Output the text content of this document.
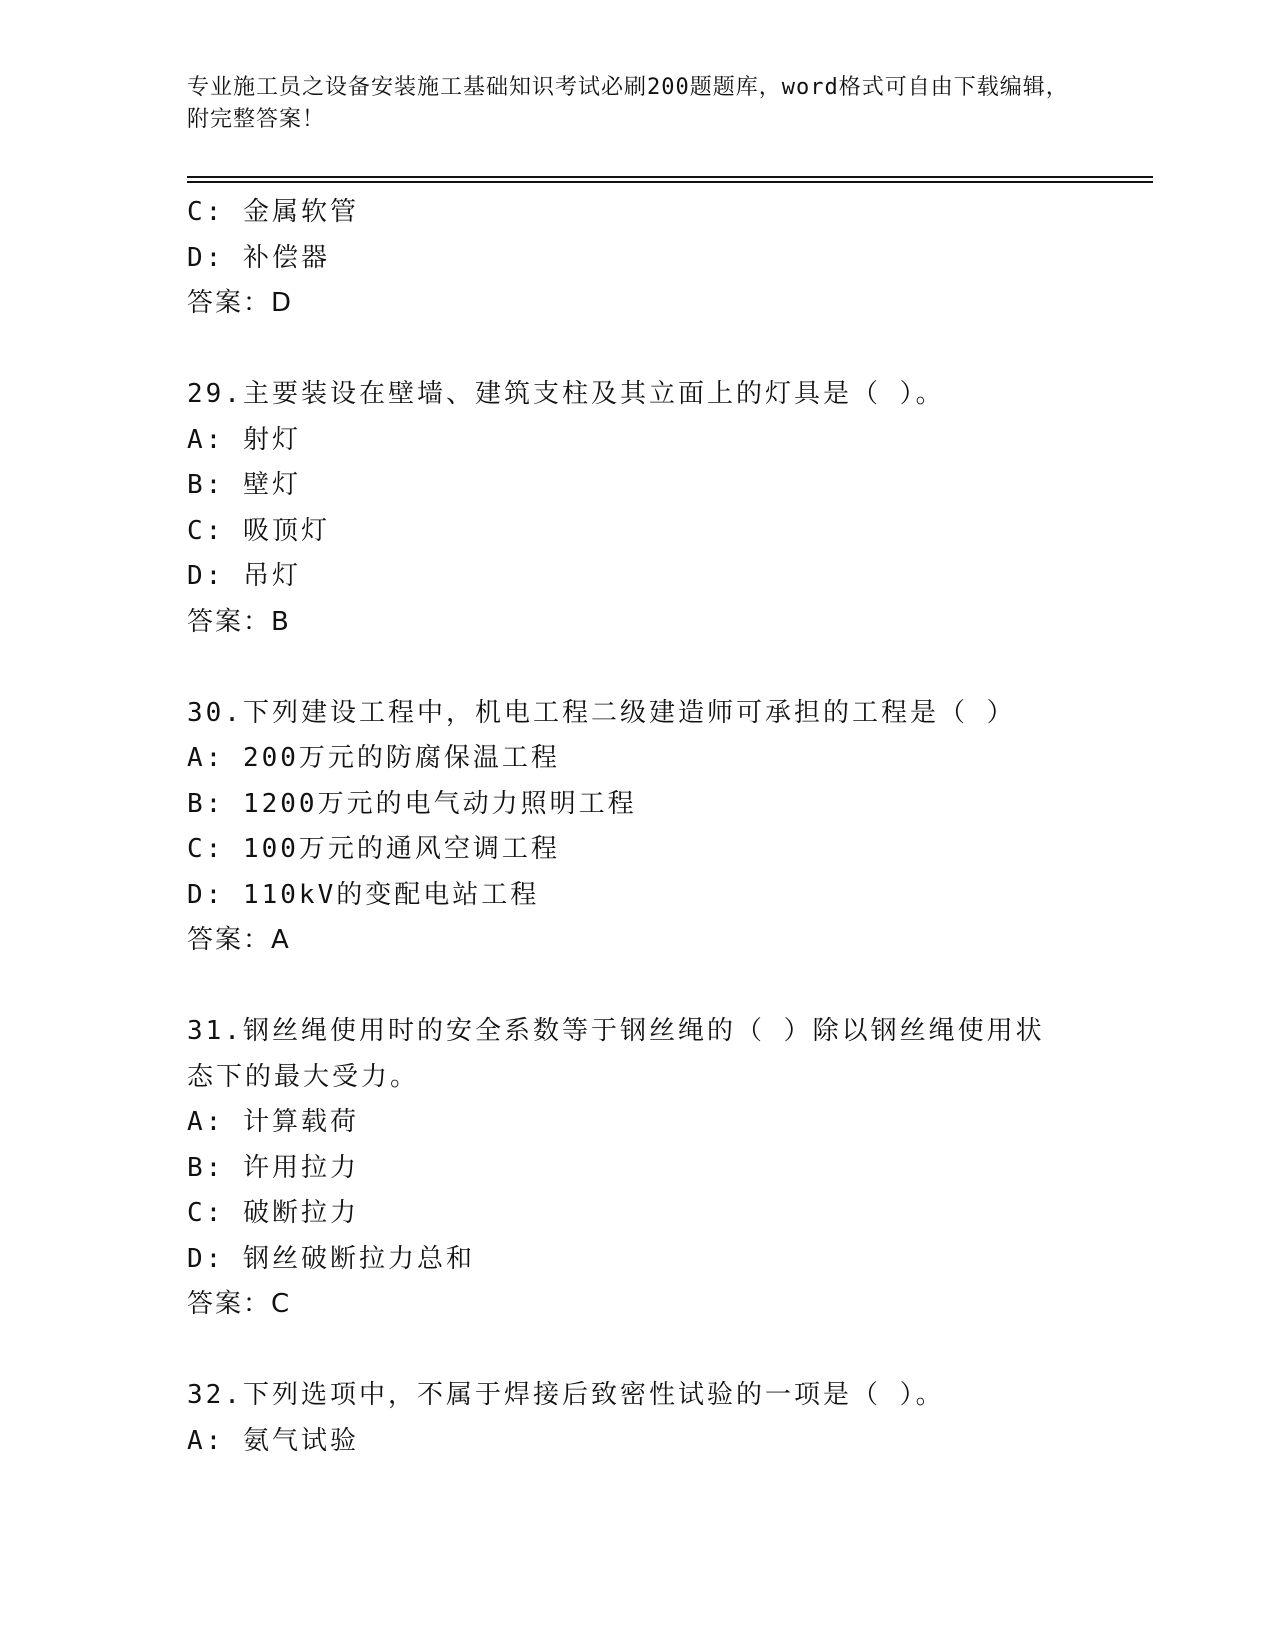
专业施工员之设备安装施工基础知识考试必刷200题题库，word格式可自由下载编辑，附完整答案！
C: 金属软管
D: 补偿器
答案：D
29.主要装设在壁墙、建筑支柱及其立面上的灯具是（ ）。
A: 射灯
B: 壁灯
C: 吸顶灯
D: 吊灯
答案：B
30.下列建设工程中，机电工程二级建造师可承担的工程是（ ）
A: 200万元的防腐保温工程
B: 1200万元的电气动力照明工程
C: 100万元的通风空调工程
D: 110kV的变配电站工程
答案：A
31.钢丝绳使用时的安全系数等于钢丝绳的（ ）除以钢丝绳使用状态下的最大受力。
A: 计算载荷
B: 许用拉力
C: 破断拉力
D: 钢丝破断拉力总和
答案：C
32.下列选项中，不属于焊接后致密性试验的一项是（ ）。
A: 氨气试验
